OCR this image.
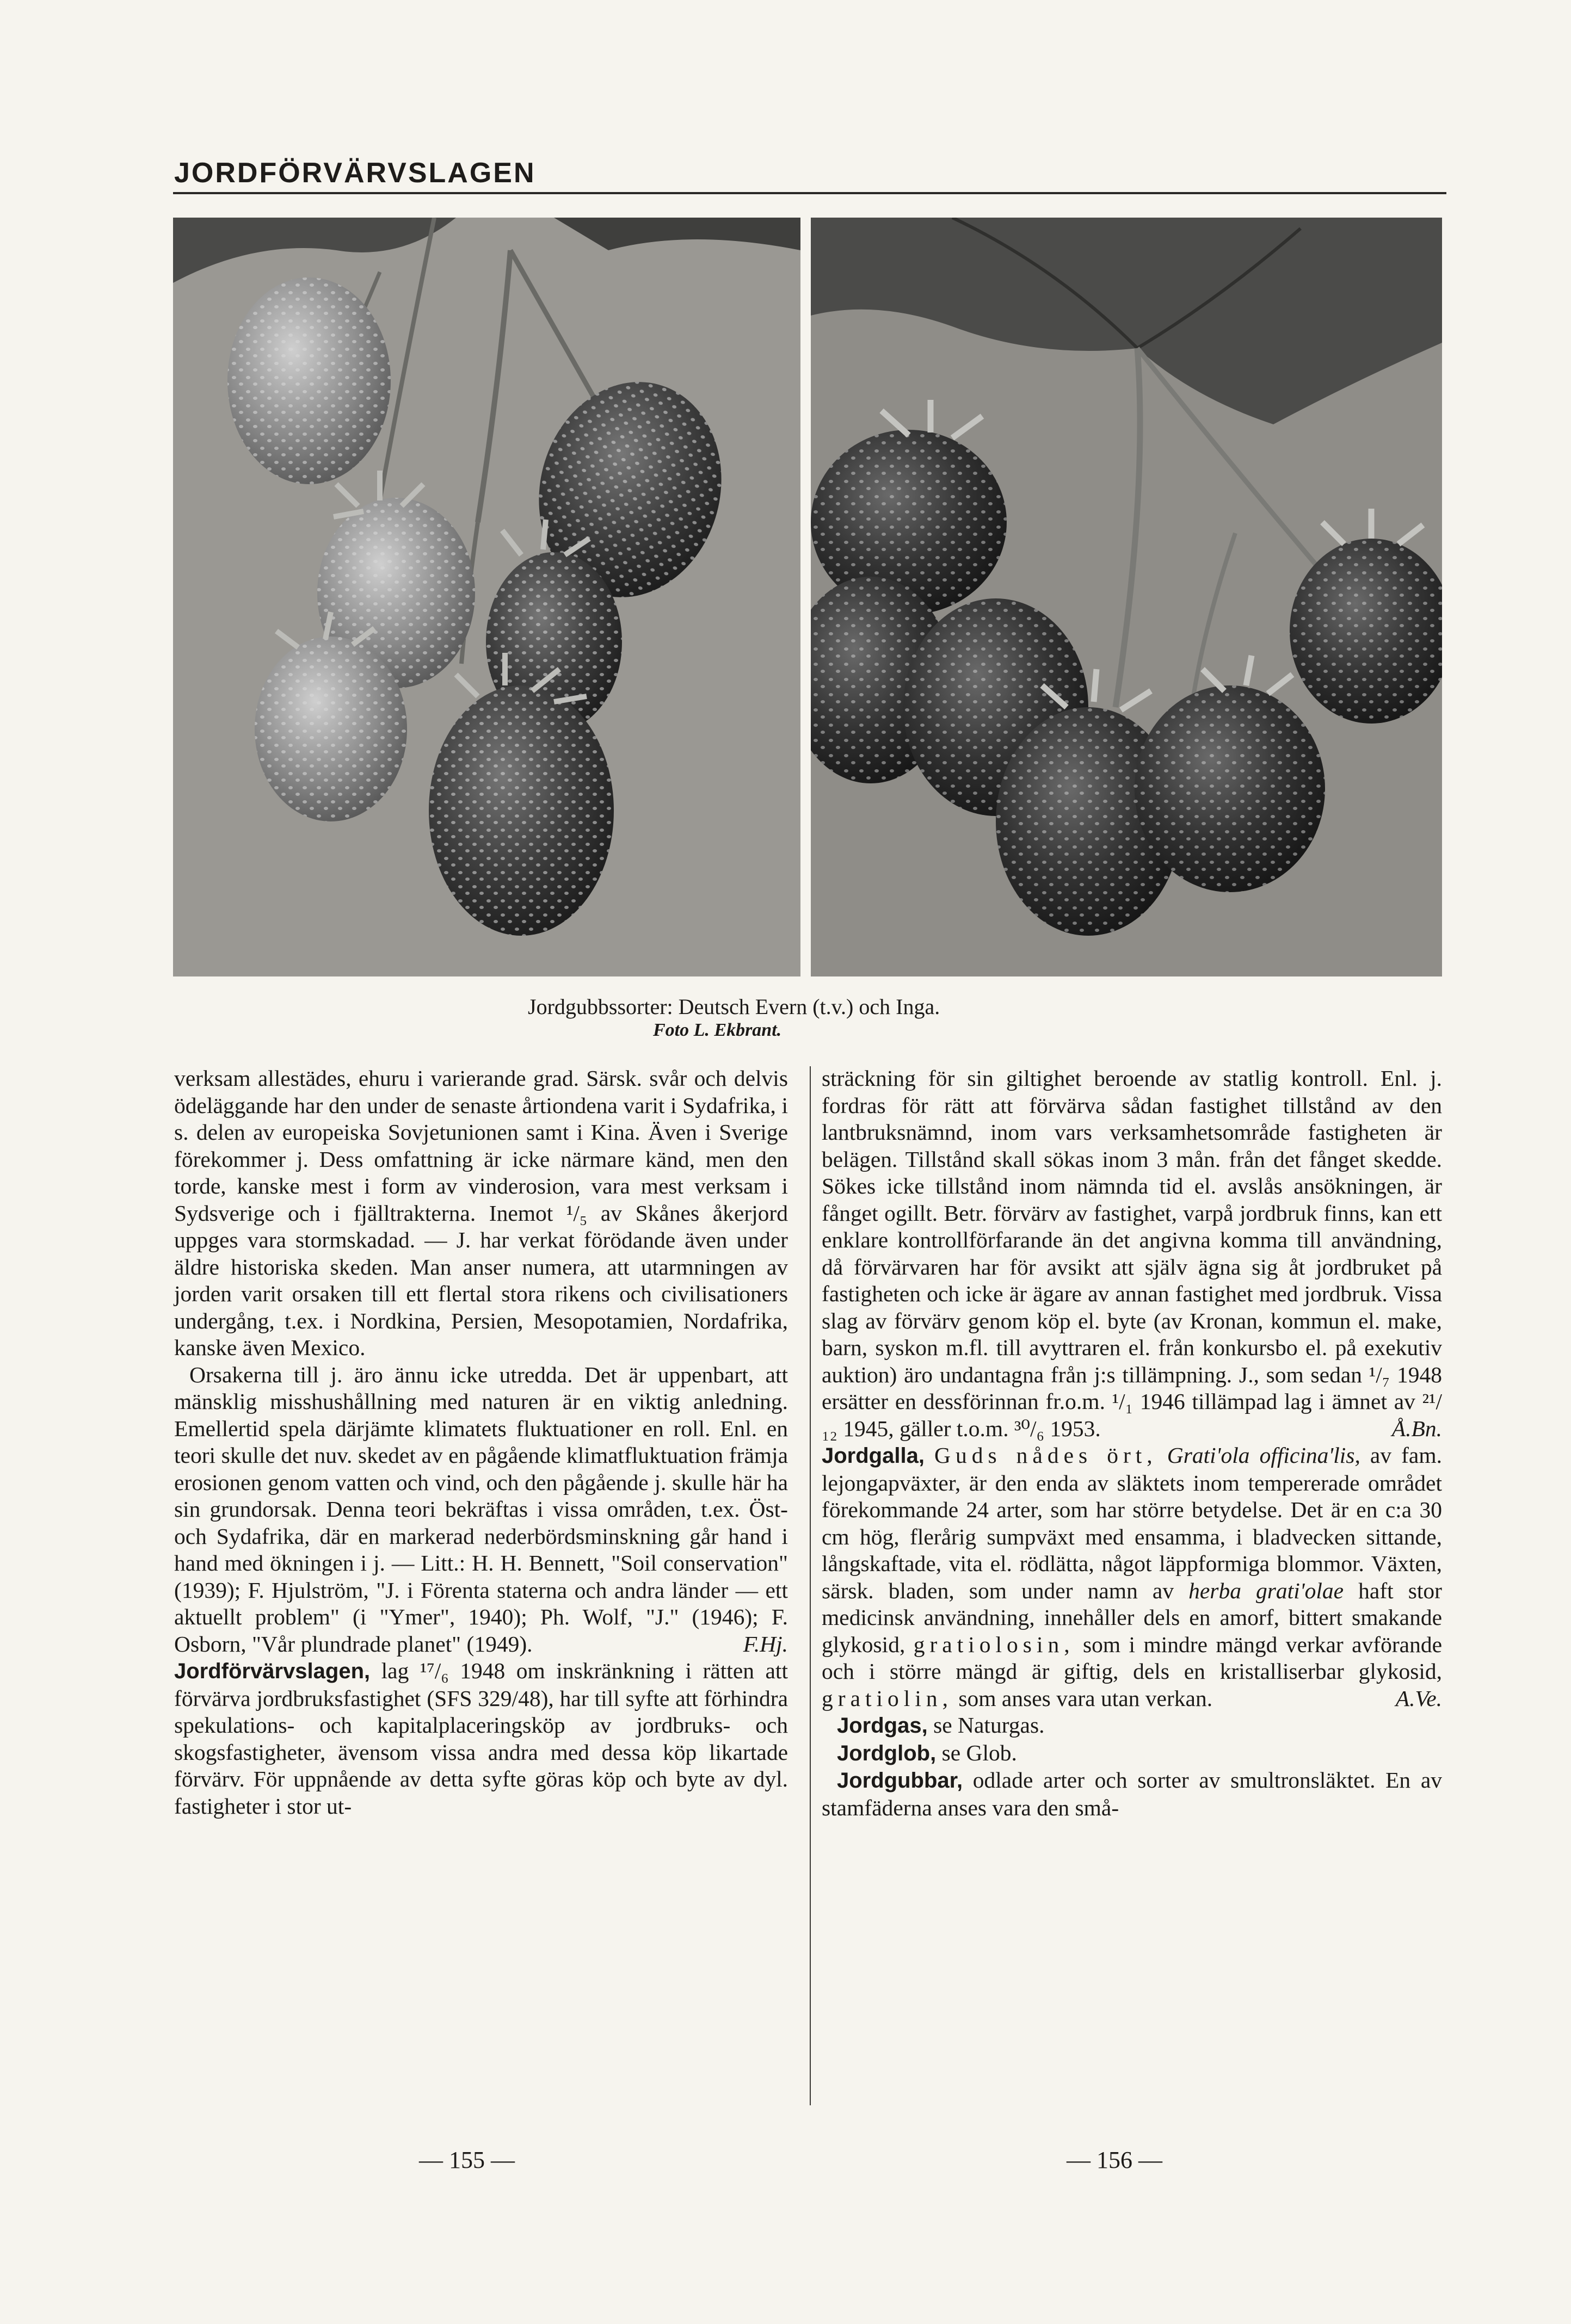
JORDFÖRVÄRVSLAGEN
Jordgubbssorter: Deutsch Evern (t.v.) och Inga.
Foto L. Ekbrant.

verksam allestädes, ehuru i varierande grad. Särsk. svår och delvis ödeläggande har den under de senaste årtiondena varit i Sydafrika, i s. delen av europeiska Sovjetunionen samt i Kina. Även i Sverige förekommer j. Dess omfattning är icke närmare känd, men den torde, kanske mest i form av vinderosion, vara mest verksam i Sydsverige och i fjälltrakterna. Inemot ¹/₅ av Skånes åkerjord uppges vara stormskadad. — J. har verkat förödande även under äldre historiska skeden. Man anser numera, att utarmningen av jorden varit orsaken till ett flertal stora rikens och civilisationers undergång, t.ex. i Nordkina, Persien, Mesopotamien, Nordafrika, kanske även Mexico.

Orsakerna till j. äro ännu icke utredda. Det är uppenbart, att mänsklig misshushållning med naturen är en viktig anledning. Emellertid spela därjämte klimatets fluktuationer en roll. Enl. en teori skulle det nuv. skedet av en pågående klimatfluktuation främja erosionen genom vatten och vind, och den pågående j. skulle här ha sin grundorsak. Denna teori bekräftas i vissa områden, t.ex. Öst- och Sydafrika, där en markerad nederbördsminskning går hand i hand med ökningen i j. — Litt.: H. H. Bennett, "Soil conservation" (1939); F. Hjulström, "J. i Förenta staterna och andra länder — ett aktuellt problem" (i "Ymer", 1940); Ph. Wolf, "J." (1946); F. Osborn, "Vår plundrade planet" (1949).	F.Hj.

Jordförvärvslagen, lag ¹⁷/₆ 1948 om inskränkning i rätten att förvärva jordbruksfastighet (SFS 329/48), har till syfte att förhindra spekulations- och kapitalplaceringsköp av jordbruks- och skogsfastigheter, ävensom vissa andra med dessa köp likartade förvärv. För uppnående av detta syfte göras köp och byte av dyl. fastigheter i stor ut-

sträckning för sin giltighet beroende av statlig kontroll. Enl. j. fordras för rätt att förvärva sådan fastighet tillstånd av den lantbruksnämnd, inom vars verksamhetsområde fastigheten är belägen. Tillstånd skall sökas inom 3 mån. från det fånget skedde. Sökes icke tillstånd inom nämnda tid el. avslås ansökningen, är fånget ogillt. Betr. förvärv av fastighet, varpå jordbruk finns, kan ett enklare kontrollförfarande än det angivna komma till användning, då förvärvaren har för avsikt att själv ägna sig åt jordbruket på fastigheten och icke är ägare av annan fastighet med jordbruk. Vissa slag av förvärv genom köp el. byte (av Kronan, kommun el. make, barn, syskon m.fl. till avyttraren el. från konkursbo el. på exekutiv auktion) äro undantagna från j:s tillämpning. J., som sedan ¹/₇ 1948 ersätter en dessförinnan fr.o.m. ¹/₁ 1946 tillämpad lag i ämnet av ²¹/₁₂ 1945, gäller t.o.m. ³⁰/₆ 1953.	Å.Bn.

Jordgalla, Guds nådes ört, Grati'ola officina'lis, av fam. lejongapväxter, är den enda av släktets inom tempererade området förekommande 24 arter, som har större betydelse. Det är en c:a 30 cm hög, flerårig sumpväxt med ensamma, i bladvecken sittande, långskaftade, vita el. rödlätta, något läppformiga blommor. Växten, särsk. bladen, som under namn av herba grati'olae haft stor medicinsk användning, innehåller dels en amorf, bittert smakande glykosid, gratiolosin, som i mindre mängd verkar avförande och i större mängd är giftig, dels en kristalliserbar glykosid, gratiolin, som anses vara utan verkan.	A.Ve.

Jordgas, se Naturgas.

Jordglob, se Glob.

Jordgubbar, odlade arter och sorter av smultronsläktet. En av stamfäderna anses vara den små-

— 155 —	— 156 —
